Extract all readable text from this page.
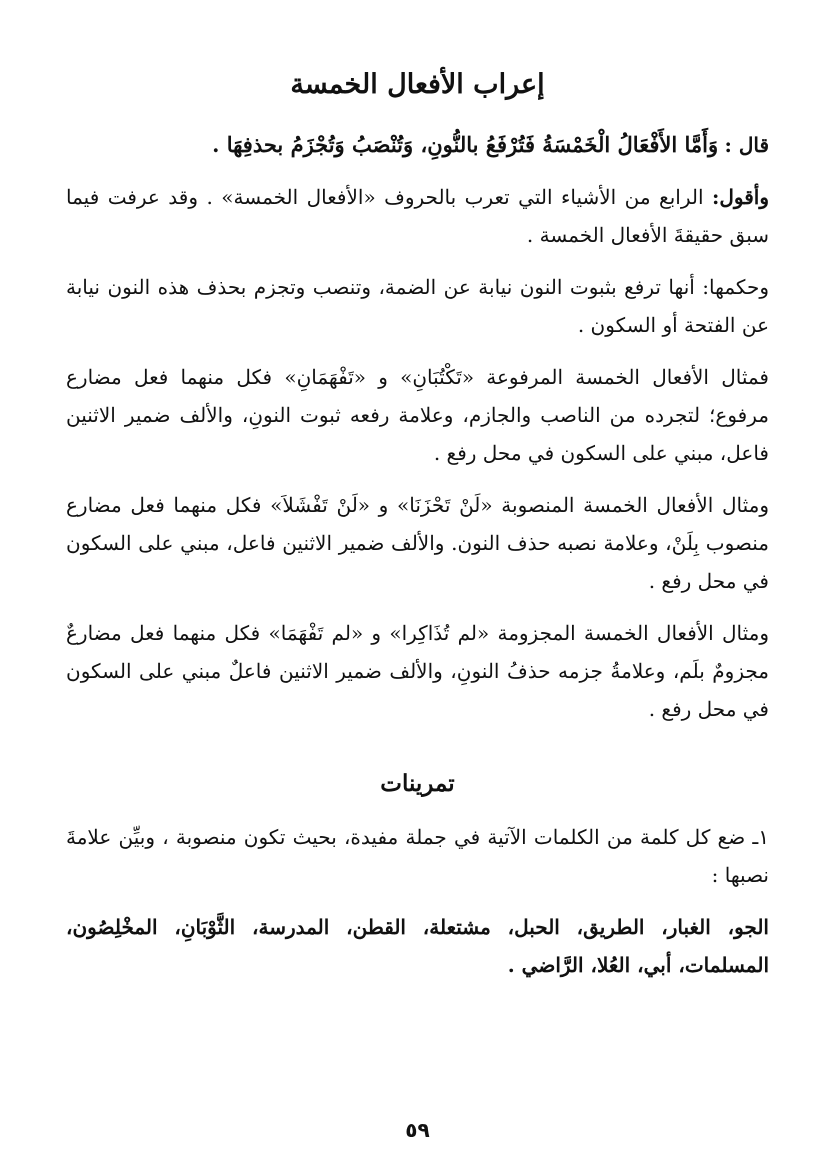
إعراب الأفعال الخمسة

قال : وَأَمَّا الأَفْعَالُ الْخَمْسَةُ فَتُرْفَعُ بالنُّونِ، وَتُنْصَبُ وَتُجْزَمُ بحذفِهَا .

وأقول: الرابع من الأشياء التي تعرب بالحروف «الأفعال الخمسة» . وقد عرفت فيما سبق حقيقةَ الأفعال الخمسة .

وحكمها: أنها ترفع بثبوت النون نيابة عن الضمة، وتنصب وتجزم بحذف هذه النون نيابة عن الفتحة أو السكون .

فمثال الأفعال الخمسة المرفوعة «تَكْتُبَانِ» و «تَفْهَمَانِ» فكل منهما فعل مضارع مرفوع؛ لتجرده من الناصب والجازم، وعلامة رفعه ثبوت النونِ، والألف ضمير الاثنين فاعل، مبني على السكون في محل رفع .

ومثال الأفعال الخمسة المنصوبة «لَنْ تَحْزَنَا» و «لَنْ تَفْشَلاَ» فكل منهما فعل مضارع منصوب بِلَنْ، وعلامة نصبه حذف النون. والألف ضمير الاثنين فاعل، مبني على السكون في محل رفع .

ومثال الأفعال الخمسة المجزومة «لم تُذَاكِرا» و «لم تَفْهَمَا» فكل منهما فعل مضارعٌ مجزومٌ بلَم، وعلامةُ جزمه حذفُ النونِ، والألف ضمير الاثنين فاعلٌ مبني على السكون في محل رفع .

تمرينات

١ـ ضع كل كلمة من الكلمات الآتية في جملة مفيدة، بحيث تكون منصوبة ، وبيِّن علامةَ نصبها :

الجو، الغبار، الطريق، الحبل، مشتعلة، القطن، المدرسة، الثَّوْبَانِ، المخْلِصُون، المسلمات، أبي، العُلا، الرَّاضي .

٥٩
